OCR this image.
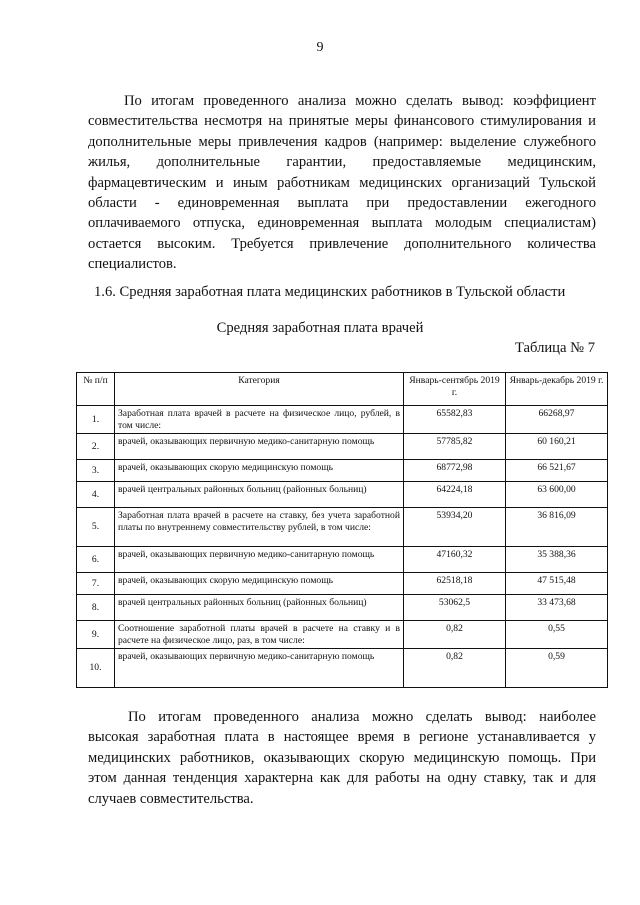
9
По итогам проведенного анализа можно сделать вывод: коэффициент
совместительства несмотря на принятые меры финансового стимулирования и
дополнительные меры привлечения кадров (например: выделение служебного
жилья, дополнительные гарантии, предоставляемые медицинским,
фармацевтическим и иным работникам медицинских организаций Тульской
области - единовременная выплата при предоставлении ежегодного
оплачиваемого отпуска, единовременная выплата молодым специалистам)
остается высоким. Требуется привлечение дополнительного количества
специалистов.
1.6. Средняя заработная плата медицинских работников в Тульской области
Средняя заработная плата врачей
Таблица № 7
№ п/п	Категория	Январь-сентябрь 2019 г.	Январь-декабрь 2019 г.
1.	Заработная плата врачей в расчете на физическое лицо, рублей, в том числе:	65582,83	66268,97
2.	врачей, оказывающих первичную медико-санитарную помощь	57785,82	60 160,21
3.	врачей, оказывающих скорую медицинскую помощь	68772,98	66 521,67
4.	врачей центральных районных больниц (районных больниц)	64224,18	63 600,00
5.	Заработная плата врачей в расчете на ставку, без учета заработной платы по внутреннему совместительству рублей, в том числе:	53934,20	36 816,09
6.	врачей, оказывающих первичную медико-санитарную помощь	47160,32	35 388,36
7.	врачей, оказывающих скорую медицинскую помощь	62518,18	47 515,48
8.	врачей центральных районных больниц (районных больниц)	53062,5	33 473,68
9.	Соотношение заработной платы врачей в расчете на ставку и в расчете на физическое лицо, раз, в том числе:	0,82	0,55
10.	врачей, оказывающих первичную медико-санитарную помощь	0,82	0,59
По итогам проведенного анализа можно сделать вывод: наиболее
высокая заработная плата в настоящее время в регионе устанавливается у
медицинских работников, оказывающих скорую медицинскую помощь. При
этом данная тенденция характерна как для работы на одну ставку, так и для
случаев совместительства.
